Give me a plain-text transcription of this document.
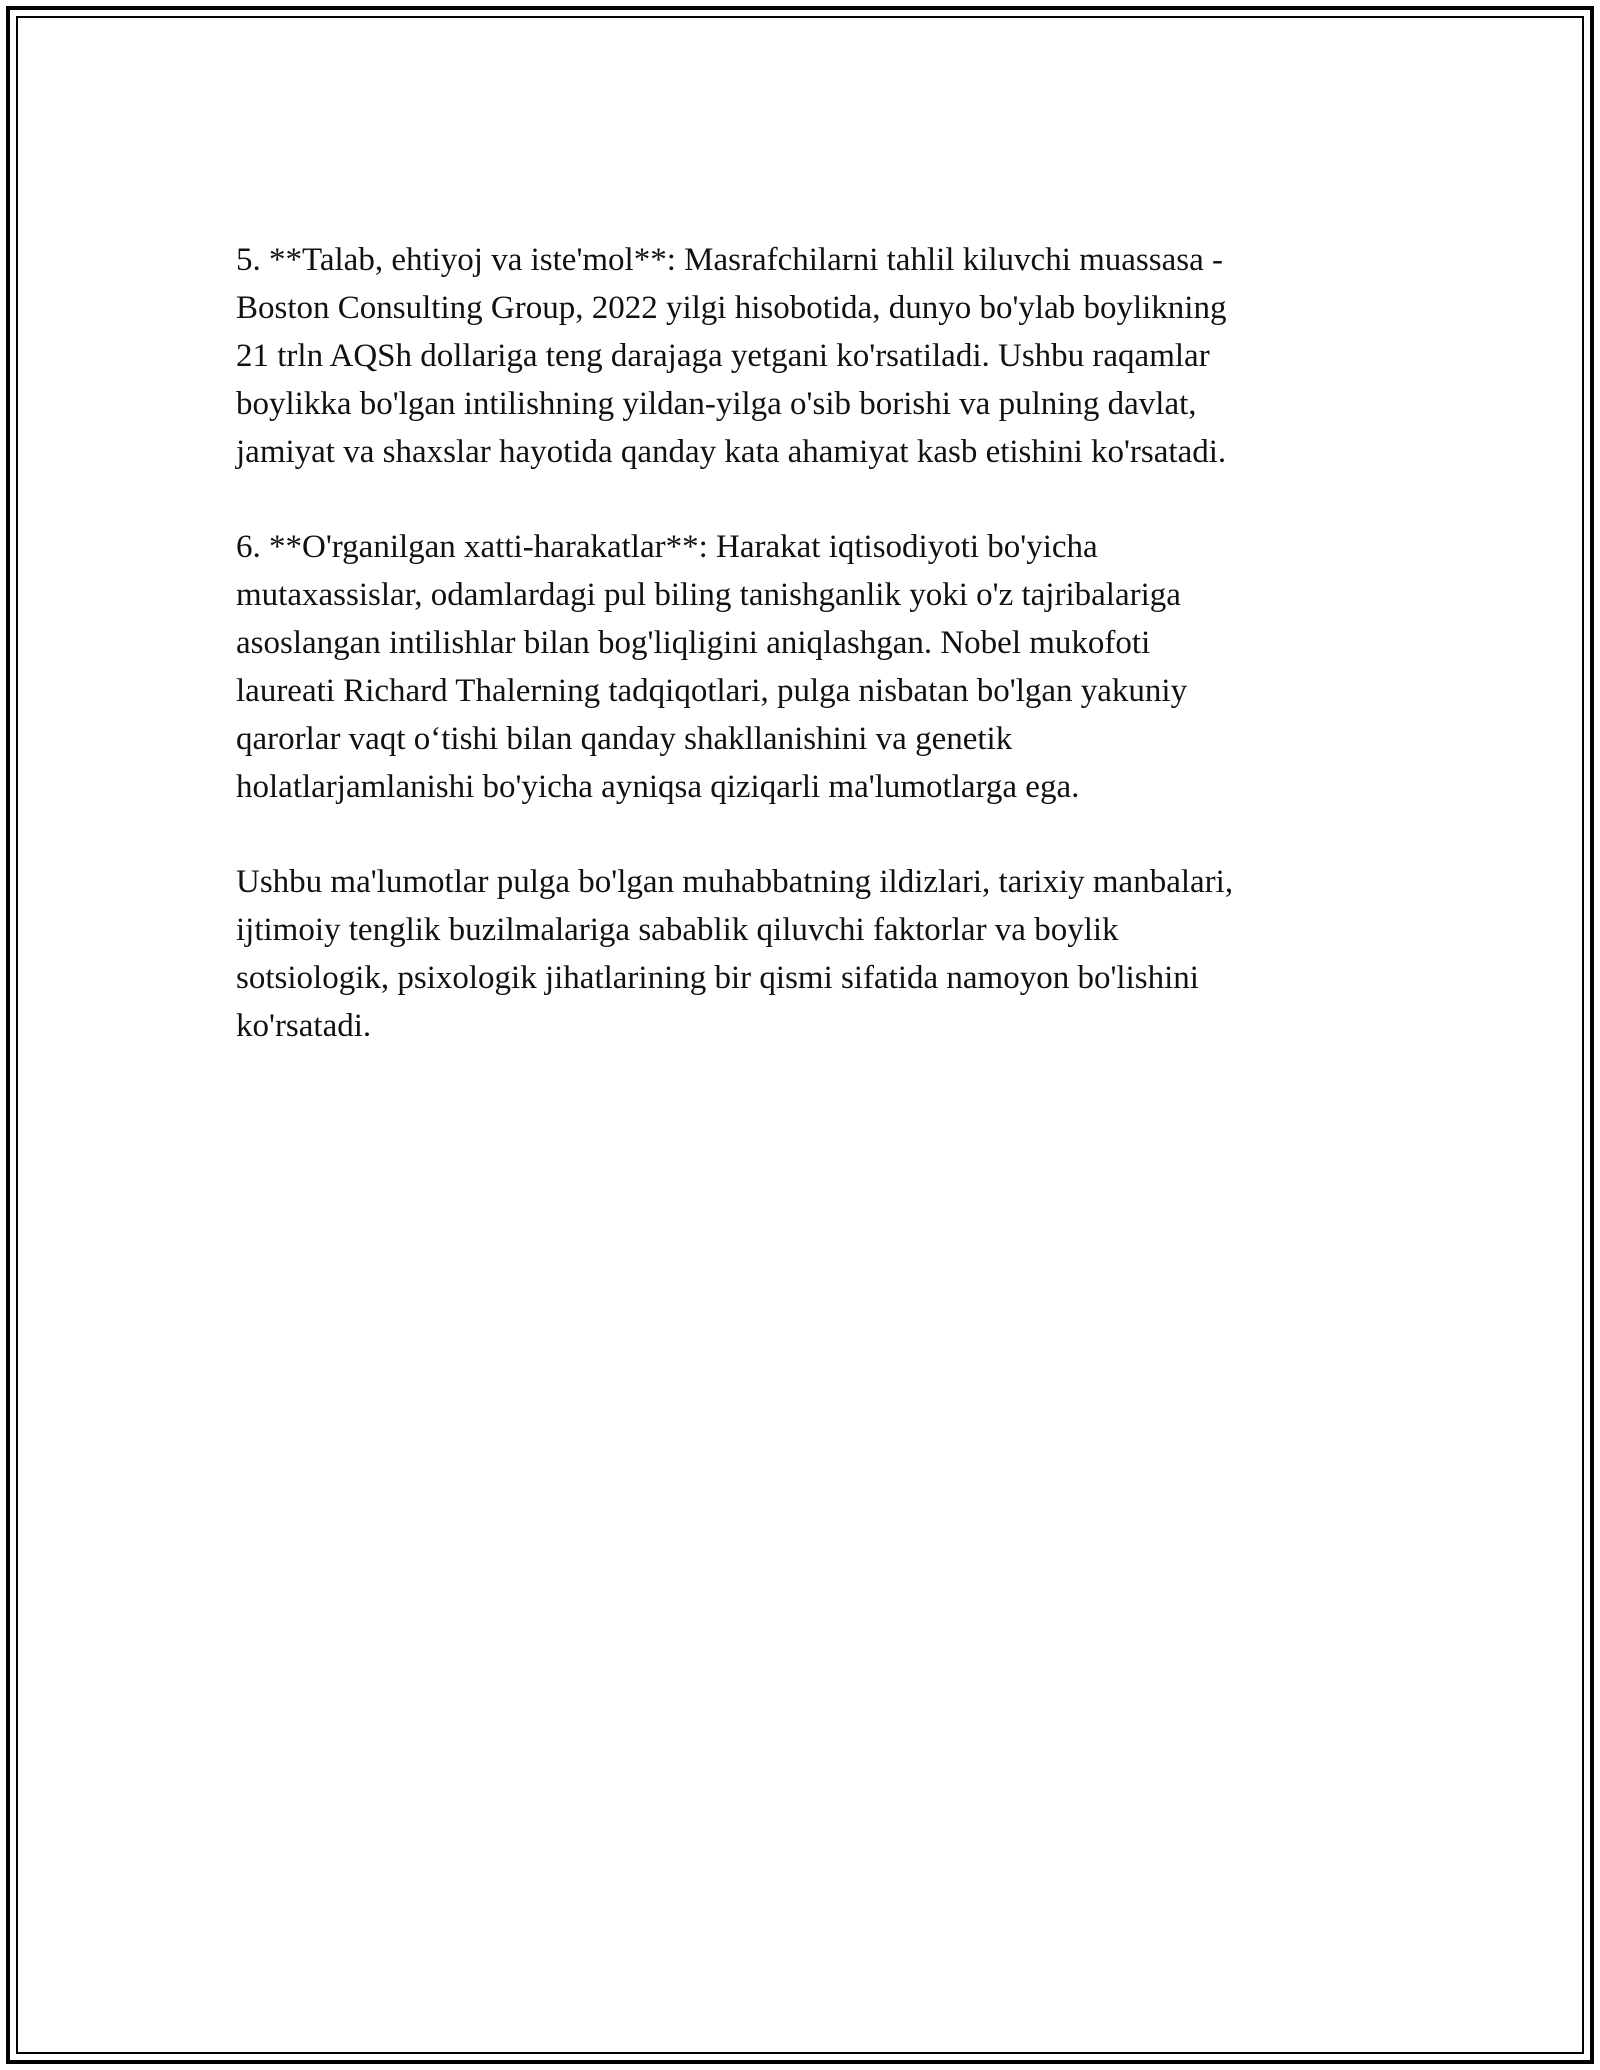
5. **Talab, ehtiyoj va iste'mol**: Masrafchilarni tahlil kiluvchi muassasa -
Boston Consulting Group, 2022 yilgi hisobotida, dunyo bo'ylab boylikning
21 trln AQSh dollariga teng darajaga yetgani ko'rsatiladi. Ushbu raqamlar
boylikka bo'lgan intilishning yildan-yilga o'sib borishi va pulning davlat,
jamiyat va shaxslar hayotida qanday kata ahamiyat kasb etishini ko'rsatadi.

6. **O'rganilgan xatti-harakatlar**: Harakat iqtisodiyoti bo'yicha
mutaxassislar, odamlardagi pul biling tanishganlik yoki o'z tajribalariga
asoslangan intilishlar bilan bog'liqligini aniqlashgan. Nobel mukofoti
laureati Richard Thalerning tadqiqotlari, pulga nisbatan bo'lgan yakuniy
qarorlar vaqt oʻtishi bilan qanday shakllanishini va genetik
holatlarjamlanishi bo'yicha ayniqsa qiziqarli ma'lumotlarga ega.

Ushbu ma'lumotlar pulga bo'lgan muhabbatning ildizlari, tarixiy manbalari,
ijtimoiy tenglik buzilmalariga sabablik qiluvchi faktorlar va boylik
sotsiologik, psixologik jihatlarining bir qismi sifatida namoyon bo'lishini
ko'rsatadi.
